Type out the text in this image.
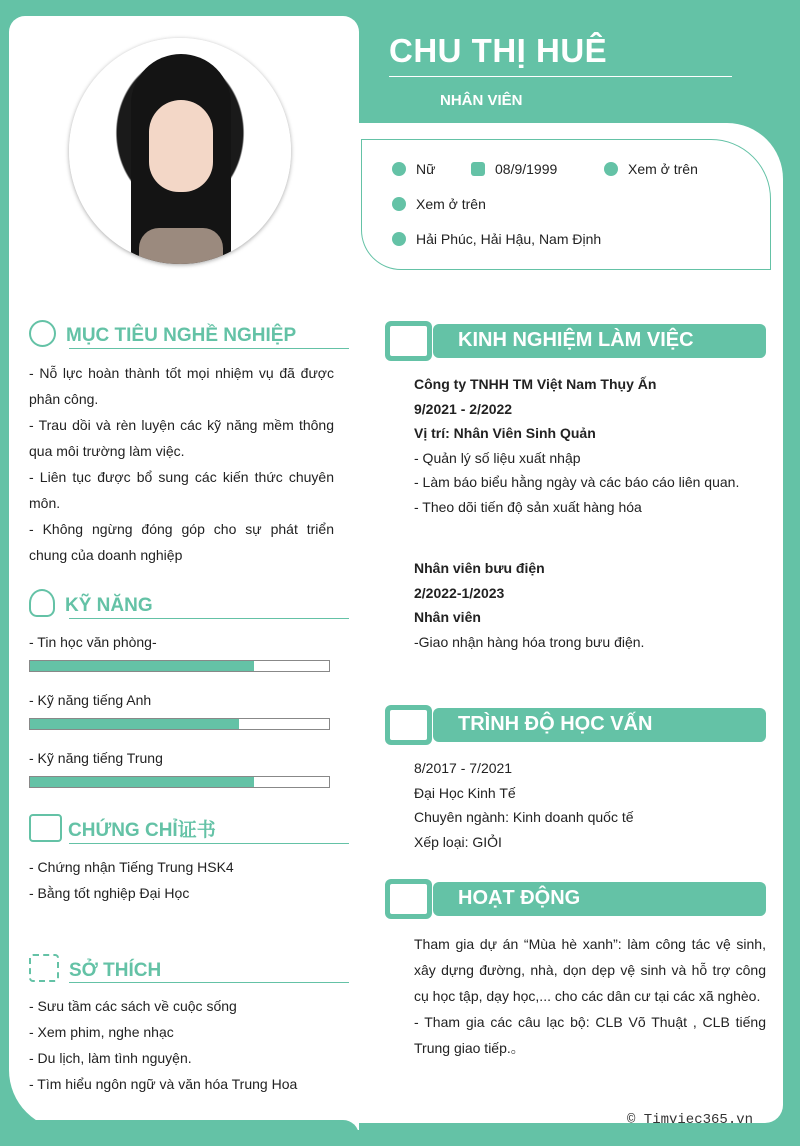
CHU THỊ HUÊ
NHÂN VIÊN
Nữ	08/9/1999	Xem ở trên
Xem ở trên
Hải Phúc, Hải Hậu, Nam Định
MỤC TIÊU NGHỀ NGHIỆP
- Nỗ lực hoàn thành tốt mọi nhiệm vụ đã được phân công.
- Trau dồi và rèn luyện các kỹ năng mềm thông qua môi trường làm việc.
- Liên tục được bổ sung các kiến thức chuyên môn.
- Không ngừng đóng góp cho sự phát triển chung của doanh nghiệp
KỸ NĂNG
- Tin học văn phòng-
- Kỹ năng tiếng Anh
- Kỹ năng tiếng Trung
CHỨNG CHỈ证书
- Chứng nhận Tiếng Trung HSK4
- Bằng tốt nghiệp Đại Học
SỞ THÍCH
- Sưu tầm các sách về cuộc sống
- Xem phim, nghe nhạc
- Du lịch, làm tình nguyện.
- Tìm hiểu ngôn ngữ và văn hóa Trung Hoa
KINH NGHIỆM LÀM VIỆC
Công ty TNHH TM Việt Nam Thụy Ấn
9/2021 - 2/2022
Vị trí: Nhân Viên Sinh Quản
- Quản lý số liệu xuất nhập
- Làm báo biểu hằng ngày và các báo cáo liên quan.
- Theo dõi tiến độ sản xuất hàng hóa
Nhân viên bưu điện
2/2022-1/2023
Nhân viên
-Giao nhận hàng hóa trong bưu điện.
TRÌNH ĐỘ HỌC VẤN
8/2017 - 7/2021
Đại Học Kinh Tế
Chuyên ngành: Kinh doanh quốc tế
Xếp loại: GIỎI
HOẠT ĐỘNG
Tham gia dự án “Mùa hè xanh”: làm công tác vệ sinh, xây dựng đường, nhà, dọn dẹp vệ sinh và hỗ trợ công cụ học tập, dạy học,... cho các dân cư tại các xã nghèo.
- Tham gia các câu lạc bộ: CLB Võ Thuật , CLB tiếng Trung giao tiếp.。
© Timviec365.vn
